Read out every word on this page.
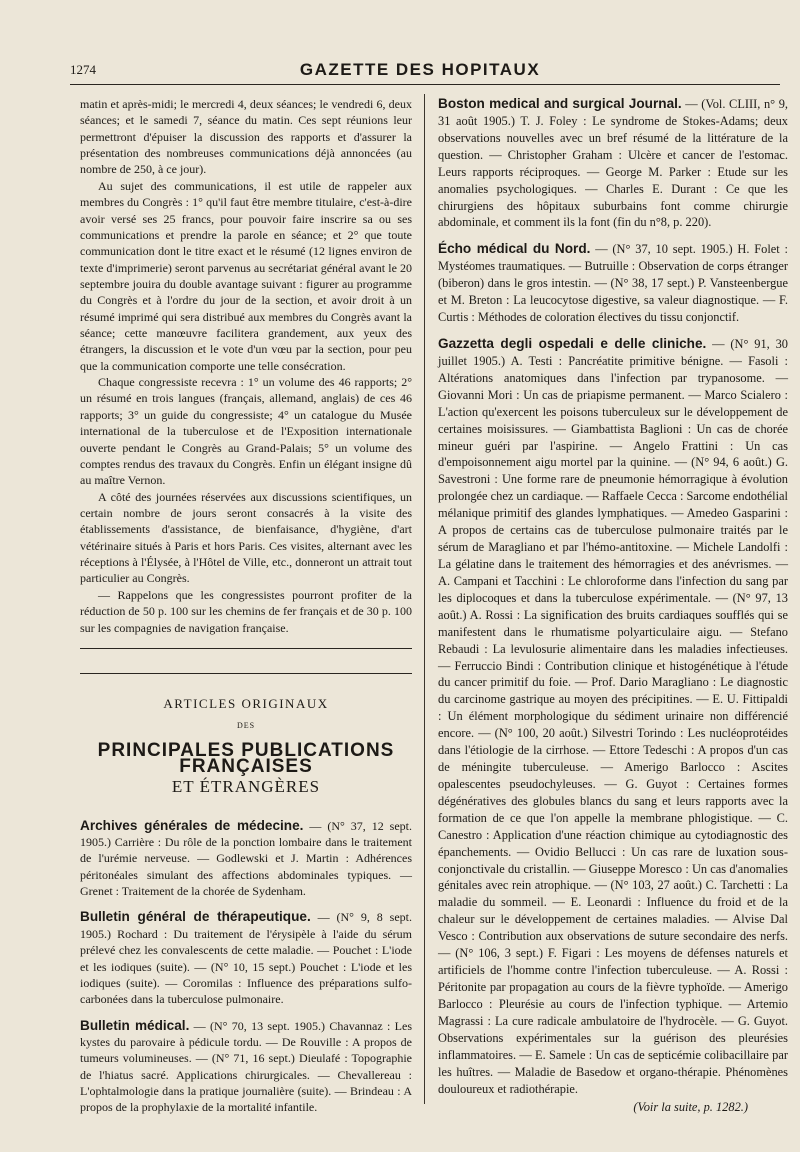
1274	GAZETTE DES HOPITAUX

matin et après-midi; le mercredi 4, deux séances; le vendredi 6, deux séances; et le samedi 7, séance du matin. Ces sept réunions leur permettront d'épuiser la discussion des rapports et d'assurer la présentation des nombreuses communications déjà annoncées (au nombre de 250, à ce jour).

Au sujet des communications, il est utile de rappeler aux membres du Congrès : 1° qu'il faut être membre titulaire, c'est-à-dire avoir versé ses 25 francs, pour pouvoir faire inscrire sa ou ses communications et prendre la parole en séance; et 2° que toute communication dont le titre exact et le résumé (12 lignes environ de texte d'imprimerie) seront parvenus au secrétariat général avant le 20 septembre jouira du double avantage suivant : figurer au programme du Congrès et à l'ordre du jour de la section, et avoir droit à un résumé imprimé qui sera distribué aux membres du Congrès avant la séance; cette manœuvre facilitera grandement, aux yeux des étrangers, la discussion et le vote d'un vœu par la section, pour peu que la communication comporte une telle consécration.

Chaque congressiste recevra : 1° un volume des 46 rapports; 2° un résumé en trois langues (français, allemand, anglais) de ces 46 rapports; 3° un guide du congressiste; 4° un catalogue du Musée international de la tuberculose et de l'Exposition internationale ouverte pendant le Congrès au Grand-Palais; 5° un volume des comptes rendus des travaux du Congrès. Enfin un élégant insigne dû au maître Vernon.

A côté des journées réservées aux discussions scientifiques, un certain nombre de jours seront consacrés à la visite des établissements d'assistance, de bienfaisance, d'hygiène, d'art vétérinaire situés à Paris et hors Paris. Ces visites, alternant avec les réceptions à l'Élysée, à l'Hôtel de Ville, etc., donneront un attrait tout particulier au Congrès.

— Rappelons que les congressistes pourront profiter de la réduction de 50 p. 100 sur les chemins de fer français et de 30 p. 100 sur les compagnies de navigation française.

ARTICLES ORIGINAUX
DES
PRINCIPALES PUBLICATIONS FRANÇAISES
ET ÉTRANGÈRES

Archives générales de médecine. — (N° 37, 12 sept. 1905.) Carrière : Du rôle de la ponction lombaire dans le traitement de l'urémie nerveuse. — Godlewski et J. Martin : Adhérences péritonéales simulant des affections abdominales typiques. — Grenet : Traitement de la chorée de Sydenham.

Bulletin général de thérapeutique. — (N° 9, 8 sept. 1905.) Rochard : Du traitement de l'érysipèle à l'aide du sérum prélevé chez les convalescents de cette maladie. — Pouchet : L'iode et les iodiques (suite). — (N° 10, 15 sept.) Pouchet : L'iode et les iodiques (suite). — Coromilas : Influence des préparations sulfo-carbonées dans la tuberculose pulmonaire.

Bulletin médical. — (N° 70, 13 sept. 1905.) Chavannaz : Les kystes du parovaire à pédicule tordu. — De Rouville : A propos de tumeurs volumineuses. — (N° 71, 16 sept.) Dieulafé : Topographie de l'hiatus sacré. Applications chirurgicales. — Chevallereau : L'ophtalmologie dans la pratique journalière (suite). — Brindeau : A propos de la prophylaxie de la mortalité infantile.

Boston medical and surgical Journal. — (Vol. CLIII, n° 9, 31 août 1905.) T. J. Foley : Le syndrome de Stokes-Adams; deux observations nouvelles avec un bref résumé de la littérature de la question. — Christopher Graham : Ulcère et cancer de l'estomac. Leurs rapports réciproques. — George M. Parker : Etude sur les anomalies psychologiques. — Charles E. Durant : Ce que les chirurgiens des hôpitaux suburbains font comme chirurgie abdominale, et comment ils la font (fin du n°8, p. 220).

Écho médical du Nord. — (N° 37, 10 sept. 1905.) H. Folet : Mystéomes traumatiques. — Butruille : Observation de corps étranger (biberon) dans le gros intestin. — (N° 38, 17 sept.) P. Vansteenbergue et M. Breton : La leucocytose digestive, sa valeur diagnostique. — F. Curtis : Méthodes de coloration électives du tissu conjonctif.

Gazzetta degli ospedali e delle cliniche. — (N° 91, 30 juillet 1905.) A. Testi : Pancréatite primitive bénigne. — Fasoli : Altérations anatomiques dans l'infection par trypanosome. — Giovanni Mori : Un cas de priapisme permanent. — Marco Scialero : L'action qu'exercent les poisons tuberculeux sur le développement de certaines moisissures. — Giambattista Baglioni : Un cas de chorée mineur guéri par l'aspirine. — Angelo Frattini : Un cas d'empoisonnement aigu mortel par la quinine. — (N° 94, 6 août.) G. Savestroni : Une forme rare de pneumonie hémorragique à évolution prolongée chez un cardiaque. — Raffaele Cecca : Sarcome endothélial mélanique primitif des glandes lymphatiques. — Amedeo Gasparini : A propos de certains cas de tuberculose pulmonaire traités par le sérum de Maragliano et par l'hémo-antitoxine. — Michele Landolfi : La gélatine dans le traitement des hémorragies et des anévrismes. — A. Campani et Tacchini : Le chloroforme dans l'infection du sang par les diplocoques et dans la tuberculose expérimentale. — (N° 97, 13 août.) A. Rossi : La signification des bruits cardiaques soufflés qui se manifestent dans le rhumatisme polyarticulaire aigu. — Stefano Rebaudi : La levulosurie alimentaire dans les maladies infectieuses. — Ferruccio Bindi : Contribution clinique et histogénétique à l'étude du cancer primitif du foie. — Prof. Dario Maragliano : Le diagnostic du carcinome gastrique au moyen des précipitines. — E. U. Fittipaldi : Un élément morphologique du sédiment urinaire non différencié encore. — (N° 100, 20 août.) Silvestri Torindo : Les nucléoprotéides dans l'étiologie de la cirrhose. — Ettore Tedeschi : A propos d'un cas de méningite tuberculeuse. — Amerigo Barlocco : Ascites opalescentes pseudochyleuses. — G. Guyot : Certaines formes dégénératives des globules blancs du sang et leurs rapports avec la formation de ce que l'on appelle la membrane phlogistique. — C. Canestro : Application d'une réaction chimique au cytodiagnostic des épanchements. — Ovidio Bellucci : Un cas rare de luxation sous-conjonctivale du cristallin. — Giuseppe Moresco : Un cas d'anomalies génitales avec rein atrophique. — (N° 103, 27 août.) C. Tarchetti : La maladie du sommeil. — E. Leonardi : Influence du froid et de la chaleur sur le développement de certaines maladies. — Alvise Dal Vesco : Contribution aux observations de suture secondaire des nerfs. — (N° 106, 3 sept.) F. Figari : Les moyens de défenses naturels et artificiels de l'homme contre l'infection tuberculeuse. — A. Rossi : Péritonite par propagation au cours de la fièvre typhoïde. — Amerigo Barlocco : Pleurésie au cours de l'infection typhique. — Artemio Magrassi : La cure radicale ambulatoire de l'hydrocèle. — G. Guyot. Observations expérimentales sur la guérison des pleurésies inflammatoires. — E. Samele : Un cas de septicémie colibacillaire par les huîtres. — Maladie de Basedow et organo-thérapie. Phénomènes douloureux et radiothérapie.

(Voir la suite, p. 1282.)
